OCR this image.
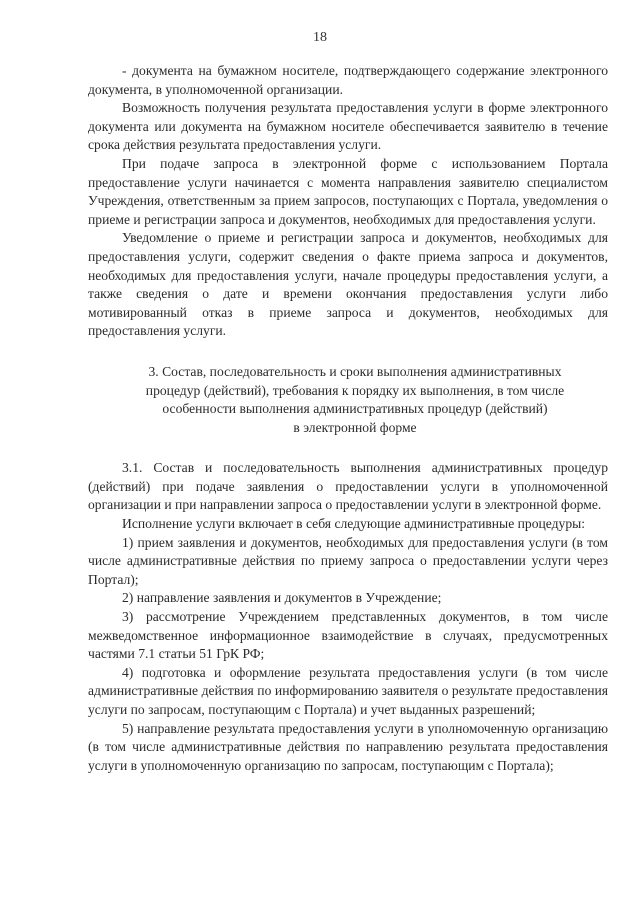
18

- документа на бумажном носителе, подтверждающего содержание электронного документа, в уполномоченной организации.

Возможность получения результата предоставления услуги в форме электронного документа или документа на бумажном носителе обеспечивается заявителю в течение срока действия результата предоставления услуги.

При подаче запроса в электронной форме с использованием Портала предоставление услуги начинается с момента направления заявителю специалистом Учреждения, ответственным за прием запросов, поступающих с Портала, уведомления о приеме и регистрации запроса и документов, необходимых для предоставления услуги.

Уведомление о приеме и регистрации запроса и документов, необходимых для предоставления услуги, содержит сведения о факте приема запроса и документов, необходимых для предоставления услуги, начале процедуры предоставления услуги, а также сведения о дате и времени окончания предоставления услуги либо мотивированный отказ в приеме запроса и документов, необходимых для предоставления услуги.

3. Состав, последовательность и сроки выполнения административных
процедур (действий), требования к порядку их выполнения, в том числе
особенности выполнения административных процедур (действий)
в электронной форме

3.1. Состав и последовательность выполнения административных процедур (действий) при подаче заявления о предоставлении услуги в уполномоченной организации и при направлении запроса о предоставлении услуги в электронной форме.

Исполнение услуги включает в себя следующие административные процедуры:

1) прием заявления и документов, необходимых для предоставления услуги (в том числе административные действия по приему запроса о предоставлении услуги через Портал);

2) направление заявления и документов в Учреждение;

3) рассмотрение Учреждением представленных документов, в том числе межведомственное информационное взаимодействие в случаях, предусмотренных частями 7.1 статьи 51 ГрК РФ;

4) подготовка и оформление результата предоставления услуги (в том числе административные действия по информированию заявителя о результате предоставления услуги по запросам, поступающим с Портала) и учет выданных разрешений;

5) направление результата предоставления услуги в уполномоченную организацию (в том числе административные действия по направлению результата предоставления услуги в уполномоченную организацию по запросам, поступающим с Портала);
